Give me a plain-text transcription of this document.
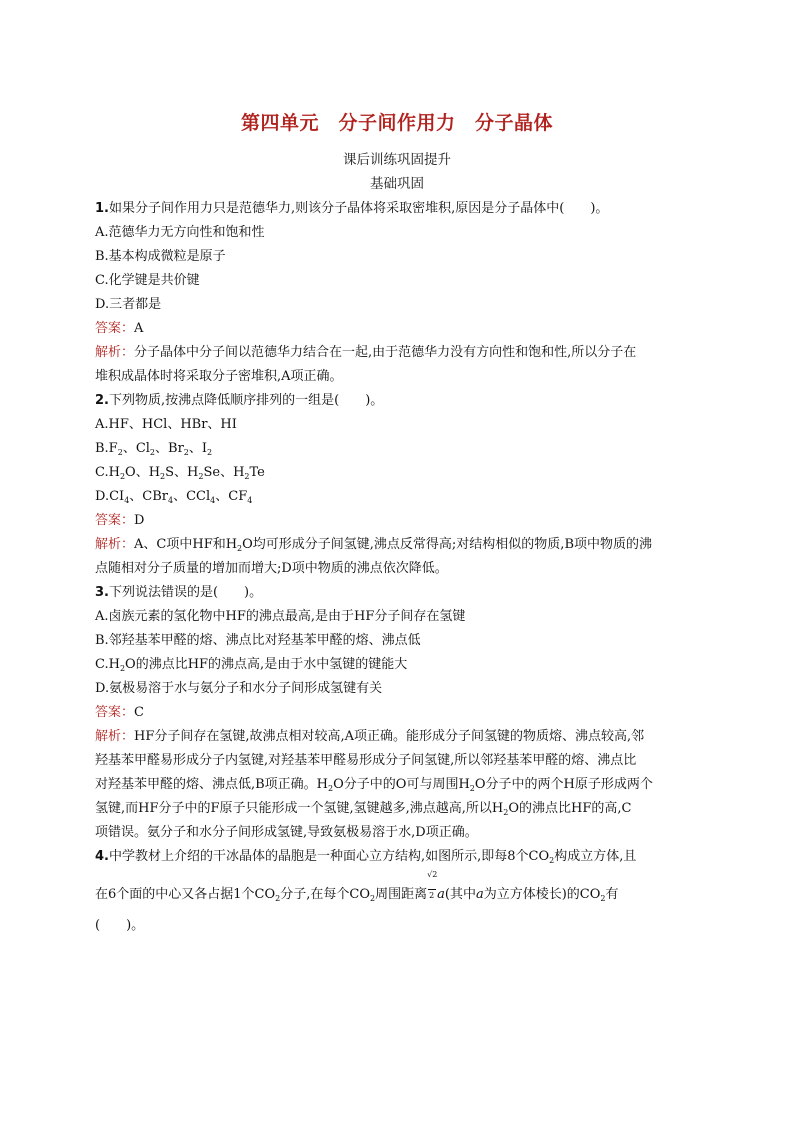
第四单元　分子间作用力　分子晶体
课后训练巩固提升
基础巩固
1.如果分子间作用力只是范德华力,则该分子晶体将采取密堆积,原因是分子晶体中(　　)。
A.范德华力无方向性和饱和性
B.基本构成微粒是原子
C.化学键是共价键
D.三者都是
答案：A
解析：分子晶体中分子间以范德华力结合在一起,由于范德华力没有方向性和饱和性,所以分子在
堆积成晶体时将采取分子密堆积,A项正确。
2.下列物质,按沸点降低顺序排列的一组是(　　)。
A.HF、HCl、HBr、HI
$B.F_2$、$Cl_2$、$Br_2$、$I_2$
$C.H_2O$、$H_2S$、$H_2Se$、$H_2Te$
$D.CI_4$、CBr$_4$、CCl$_4$、$CF_4$
答案：D
解析：A、C项中HF和$H_2O$均可形成分子间氢键,沸点反常得高;对结构相似的物质,B项中物质的沸
点随相对分子质量的增加而增大;D项中物质的沸点依次降低。
3.下列说法错误的是(　　)。
A.卤族元素的氢化物中HF的沸点最高,是由于HF分子间存在氢键
B.邻羟基苯甲醛的熔、沸点比对羟基苯甲醛的熔、沸点低
$C.H_2O$的沸点比HF的沸点高,是由于水中氢键的键能大
D.氨极易溶于水与氨分子和水分子间形成氢键有关
答案：C
解析：HF分子间存在氢键,故沸点相对较高,A项正确。能形成分子间氢键的物质熔、沸点较高,邻
羟基苯甲醛易形成分子内氢键,对羟基苯甲醛易形成分子间氢键,所以邻羟基苯甲醛的熔、沸点比
对羟基苯甲醛的熔、沸点低,B项正确。$H_2O$分子中的O可与周围$H_2O$分子中的两个H原子形成两个
氢键,而HF分子中的F原子只能形成一个氢键,氢键越多,沸点越高,所以$H_2O$的沸点比HF的高,C
项错误。氨分子和水分子间形成氢键,导致氨极易溶于水,D项正确。
4.中学教材上介绍的干冰晶体的晶胞是一种面心立方结构,如图所示,即每8个$CO_2$构成立方体,且
在6个面的中心又各占据1个$CO_2$分子,在每个$CO_2$周围距离 $\frac{√2}{2} a$(其中a为立方体棱长)的$CO_2$有
(　　)。
